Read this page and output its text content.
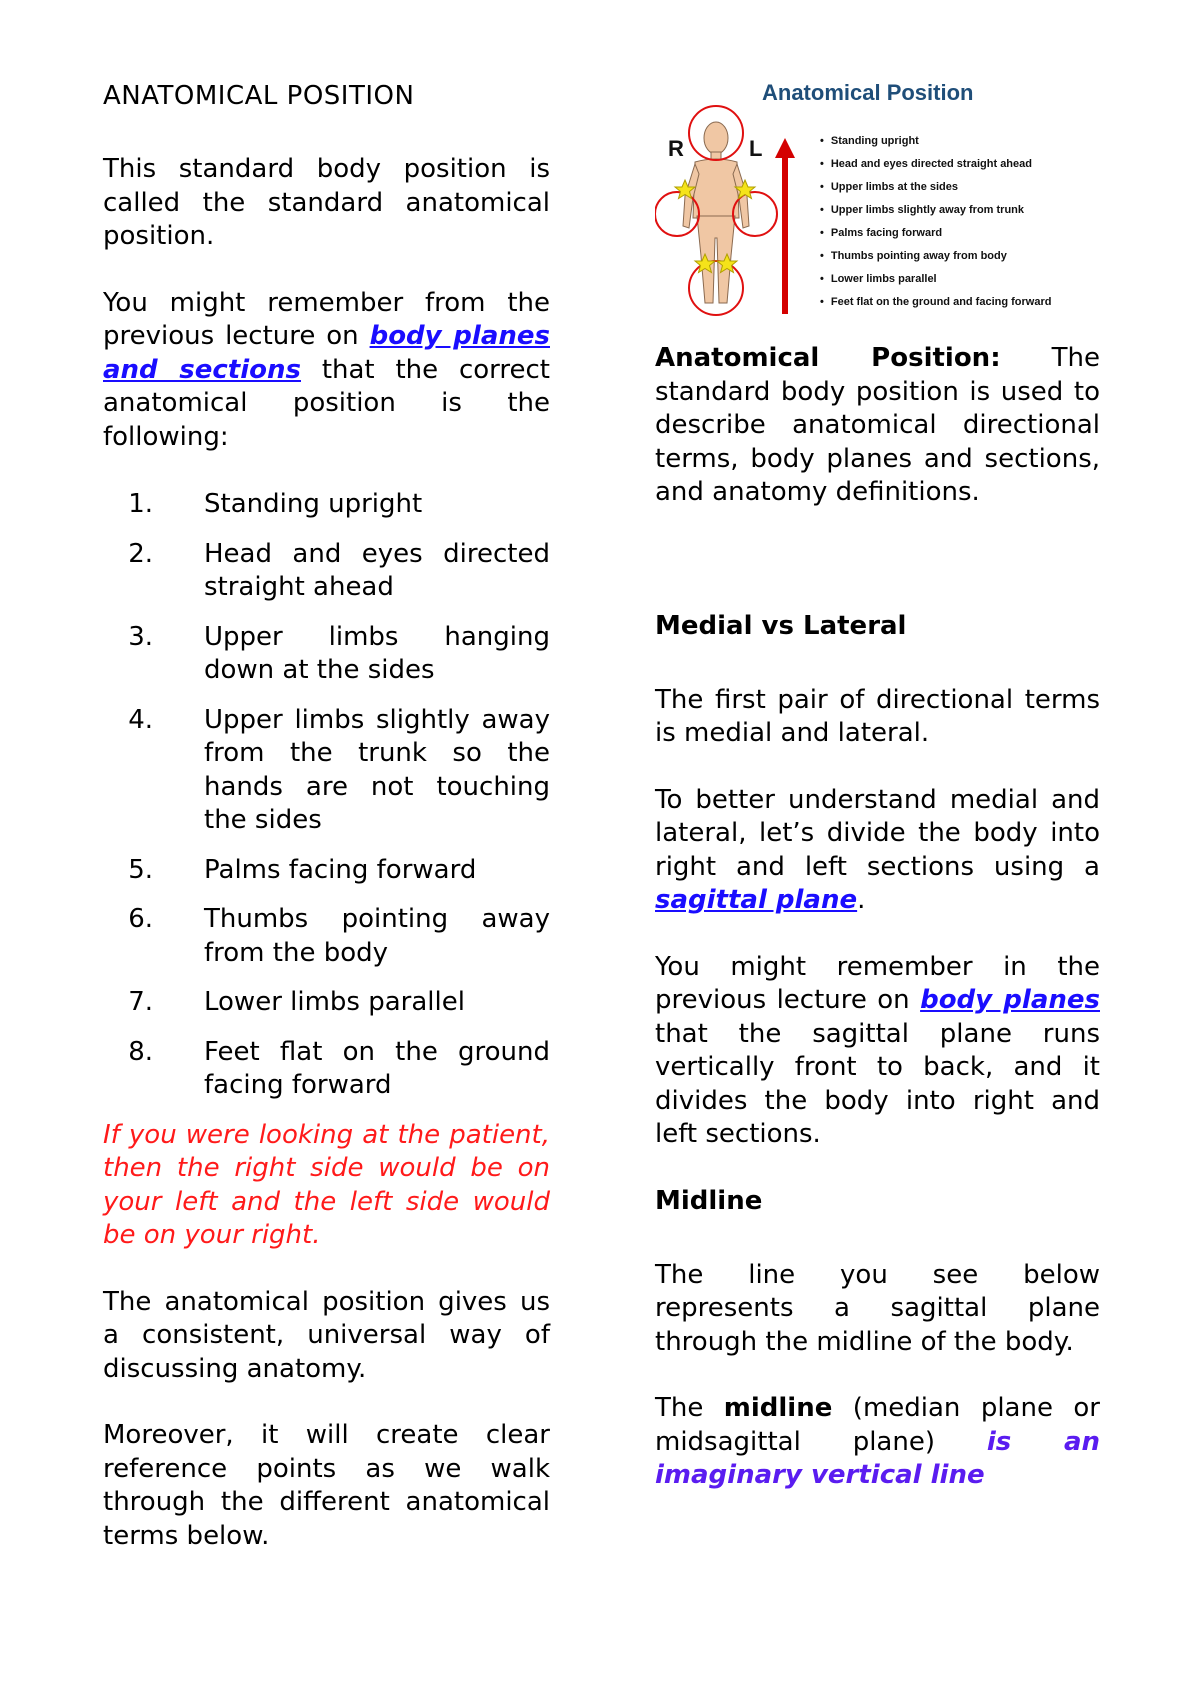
ANATOMICAL POSITION

This standard body position is called the standard anatomical position.

You might remember from the previous lecture on body planes and sections that the correct anatomical position is the following:

1. Standing upright
2. Head and eyes directed straight ahead
3. Upper limbs hanging down at the sides
4. Upper limbs slightly away from the trunk so the hands are not touching the sides
5. Palms facing forward
6. Thumbs pointing away from the body
7. Lower limbs parallel
8. Feet flat on the ground facing forward

If you were looking at the patient, then the right side would be on your left and the left side would be on your right.

The anatomical position gives us a consistent, universal way of discussing anatomy.

Moreover, it will create clear reference points as we walk through the different anatomical terms below.

Anatomical Position
R	L
•	Standing upright
• Head and eyes directed straight ahead
• Upper limbs at the sides
• Upper limbs slightly away from trunk
• Palms facing forward
• Thumbs pointing away from body
• Lower limbs parallel
• Feet flat on the ground and facing forward

Anatomical Position: The standard body position is used to describe anatomical directional terms, body planes and sections, and anatomy definitions.

Medial vs Lateral

The first pair of directional terms is medial and lateral.

To better understand medial and lateral, let’s divide the body into right and left sections using a sagittal plane.

You might remember in the previous lecture on body planes that the sagittal plane runs vertically front to back, and it divides the body into right and left sections.

Midline

The line you see below represents a sagittal plane through the midline of the body.

The midline (median plane or midsagittal plane) is an imaginary vertical line
